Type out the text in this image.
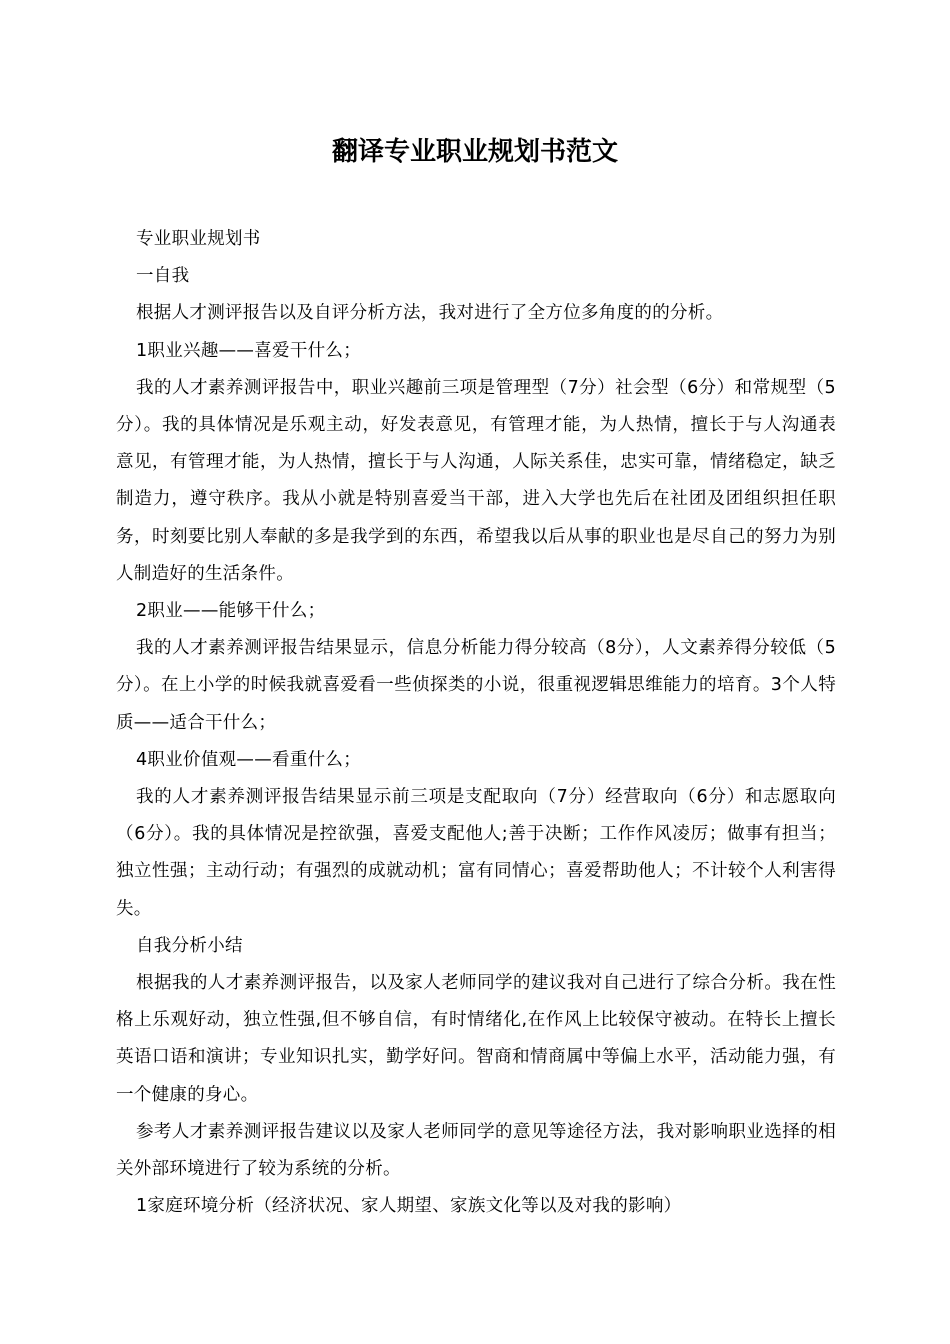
翻译专业职业规划书范文

专业职业规划书

一自我

根据人才测评报告以及自评分析方法，我对进行了全方位多角度的的分析。

1职业兴趣——喜爱干什么；

我的人才素养测评报告中，职业兴趣前三项是管理型（7分）社会型（6分）和常规型（5分）。我的具体情况是乐观主动，好发表意见，有管理才能，为人热情，擅长于与人沟通表意见，有管理才能，为人热情，擅长于与人沟通，人际关系佳，忠实可靠，情绪稳定，缺乏制造力，遵守秩序。我从小就是特别喜爱当干部，进入大学也先后在社团及团组织担任职务，时刻要比别人奉献的多是我学到的东西，希望我以后从事的职业也是尽自己的努力为别人制造好的生活条件。

2职业——能够干什么；

我的人才素养测评报告结果显示，信息分析能力得分较高（8分），人文素养得分较低（5分）。在上小学的时候我就喜爱看一些侦探类的小说，很重视逻辑思维能力的培育。3个人特质——适合干什么；

4职业价值观——看重什么；

我的人才素养测评报告结果显示前三项是支配取向（7分）经营取向（6分）和志愿取向（6分）。我的具体情况是控欲强，喜爱支配他人;善于决断；工作作风凌厉；做事有担当；独立性强；主动行动；有强烈的成就动机；富有同情心；喜爱帮助他人；不计较个人利害得失。

自我分析小结

根据我的人才素养测评报告，以及家人老师同学的建议我对自己进行了综合分析。我在性格上乐观好动，独立性强,但不够自信，有时情绪化,在作风上比较保守被动。在特长上擅长英语口语和演讲；专业知识扎实，勤学好问。智商和情商属中等偏上水平，活动能力强，有一个健康的身心。

参考人才素养测评报告建议以及家人老师同学的意见等途径方法，我对影响职业选择的相关外部环境进行了较为系统的分析。

1家庭环境分析（经济状况、家人期望、家族文化等以及对我的影响）
